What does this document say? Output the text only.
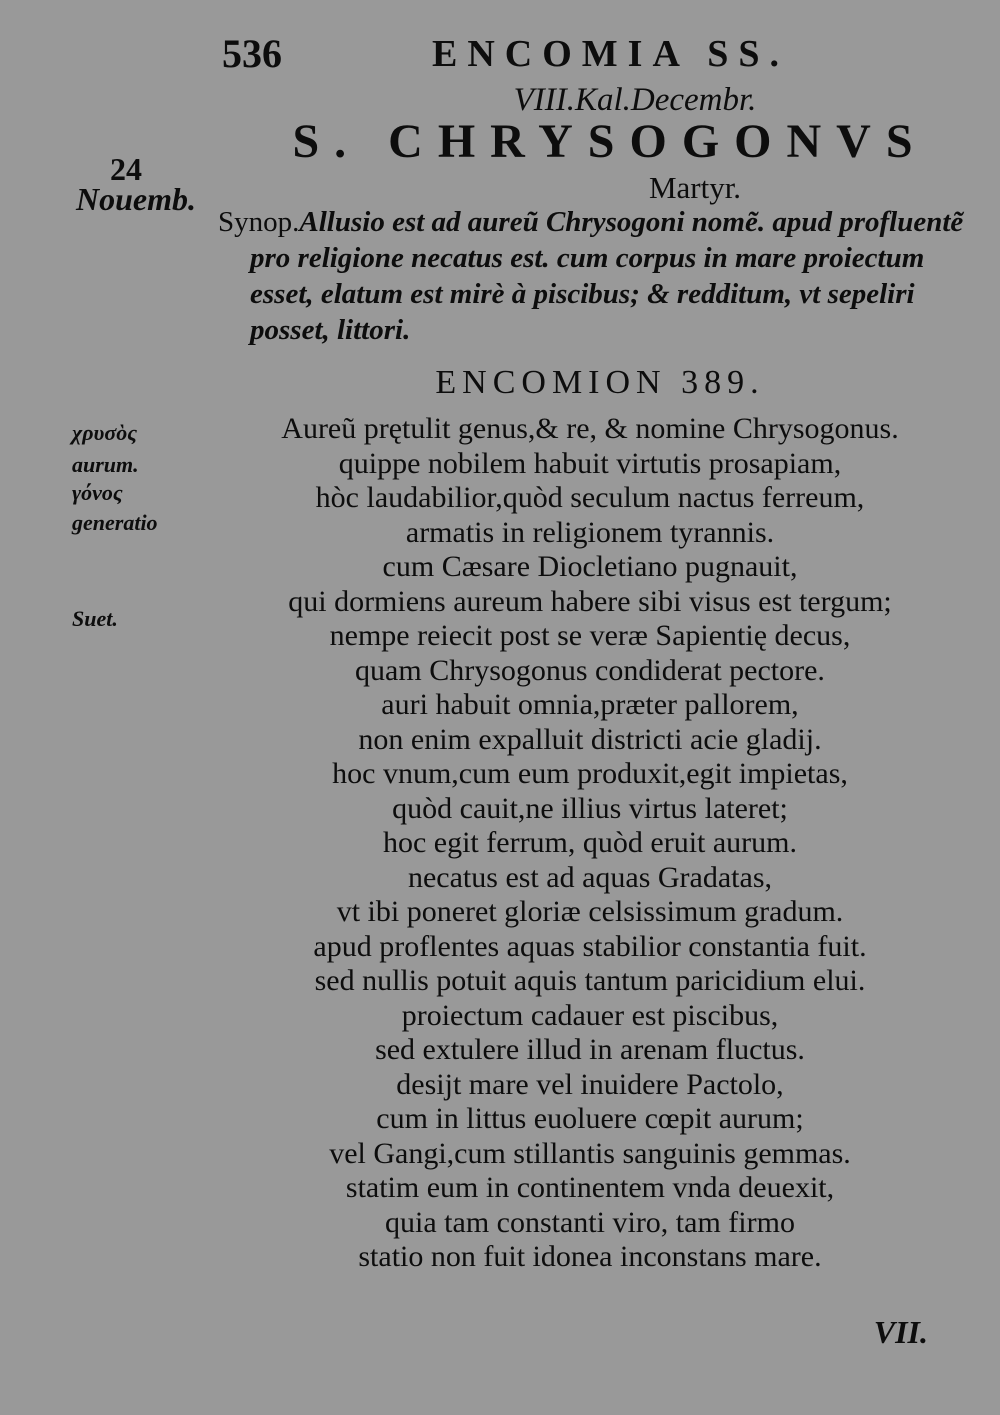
536	ENCOMIA SS.
VIII.Kal.Decembr.
S. CHRYSOGONVS
Martyr.
24
Nouemb.
Synop.Allusio est ad aureũ Chrysogoni nomẽ. apud profluentẽ
pro religione necatus est. cum corpus in mare proiectum
esset, elatum est mirè à piscibus; & redditum, vt sepeliri
posset, littori.
ENCOMION 389.
χρυσὸς
aurum.
γόνος
generatio
Suet.
Aureũ prętulit genus,& re, & nomine Chrysogonus.
quippe nobilem habuit virtutis prosapiam,
hòc laudabilior,quòd seculum nactus ferreum,
armatis in religionem tyrannis.
cum Cæsare Diocletiano pugnauit,
qui dormiens aureum habere sibi visus est tergum;
nempe reiecit post se veræ Sapientię decus,
quam Chrysogonus condiderat pectore.
auri habuit omnia,præter pallorem,
non enim expalluit districti acie gladij.
hoc vnum,cum eum produxit,egit impietas,
quòd cauit,ne illius virtus lateret;
hoc egit ferrum, quòd eruit aurum.
necatus est ad aquas Gradatas,
vt ibi poneret gloriæ celsissimum gradum.
apud proflentes aquas stabilior constantia fuit.
sed nullis potuit aquis tantum paricidium elui.
proiectum cadauer est piscibus,
sed extulere illud in arenam fluctus.
desijt mare vel inuidere Pactolo,
cum in littus euoluere cœpit aurum;
vel Gangi,cum stillantis sanguinis gemmas.
statim eum in continentem vnda deuexit,
quia tam constanti viro, tam firmo
statio non fuit idonea inconstans mare.
VII.
